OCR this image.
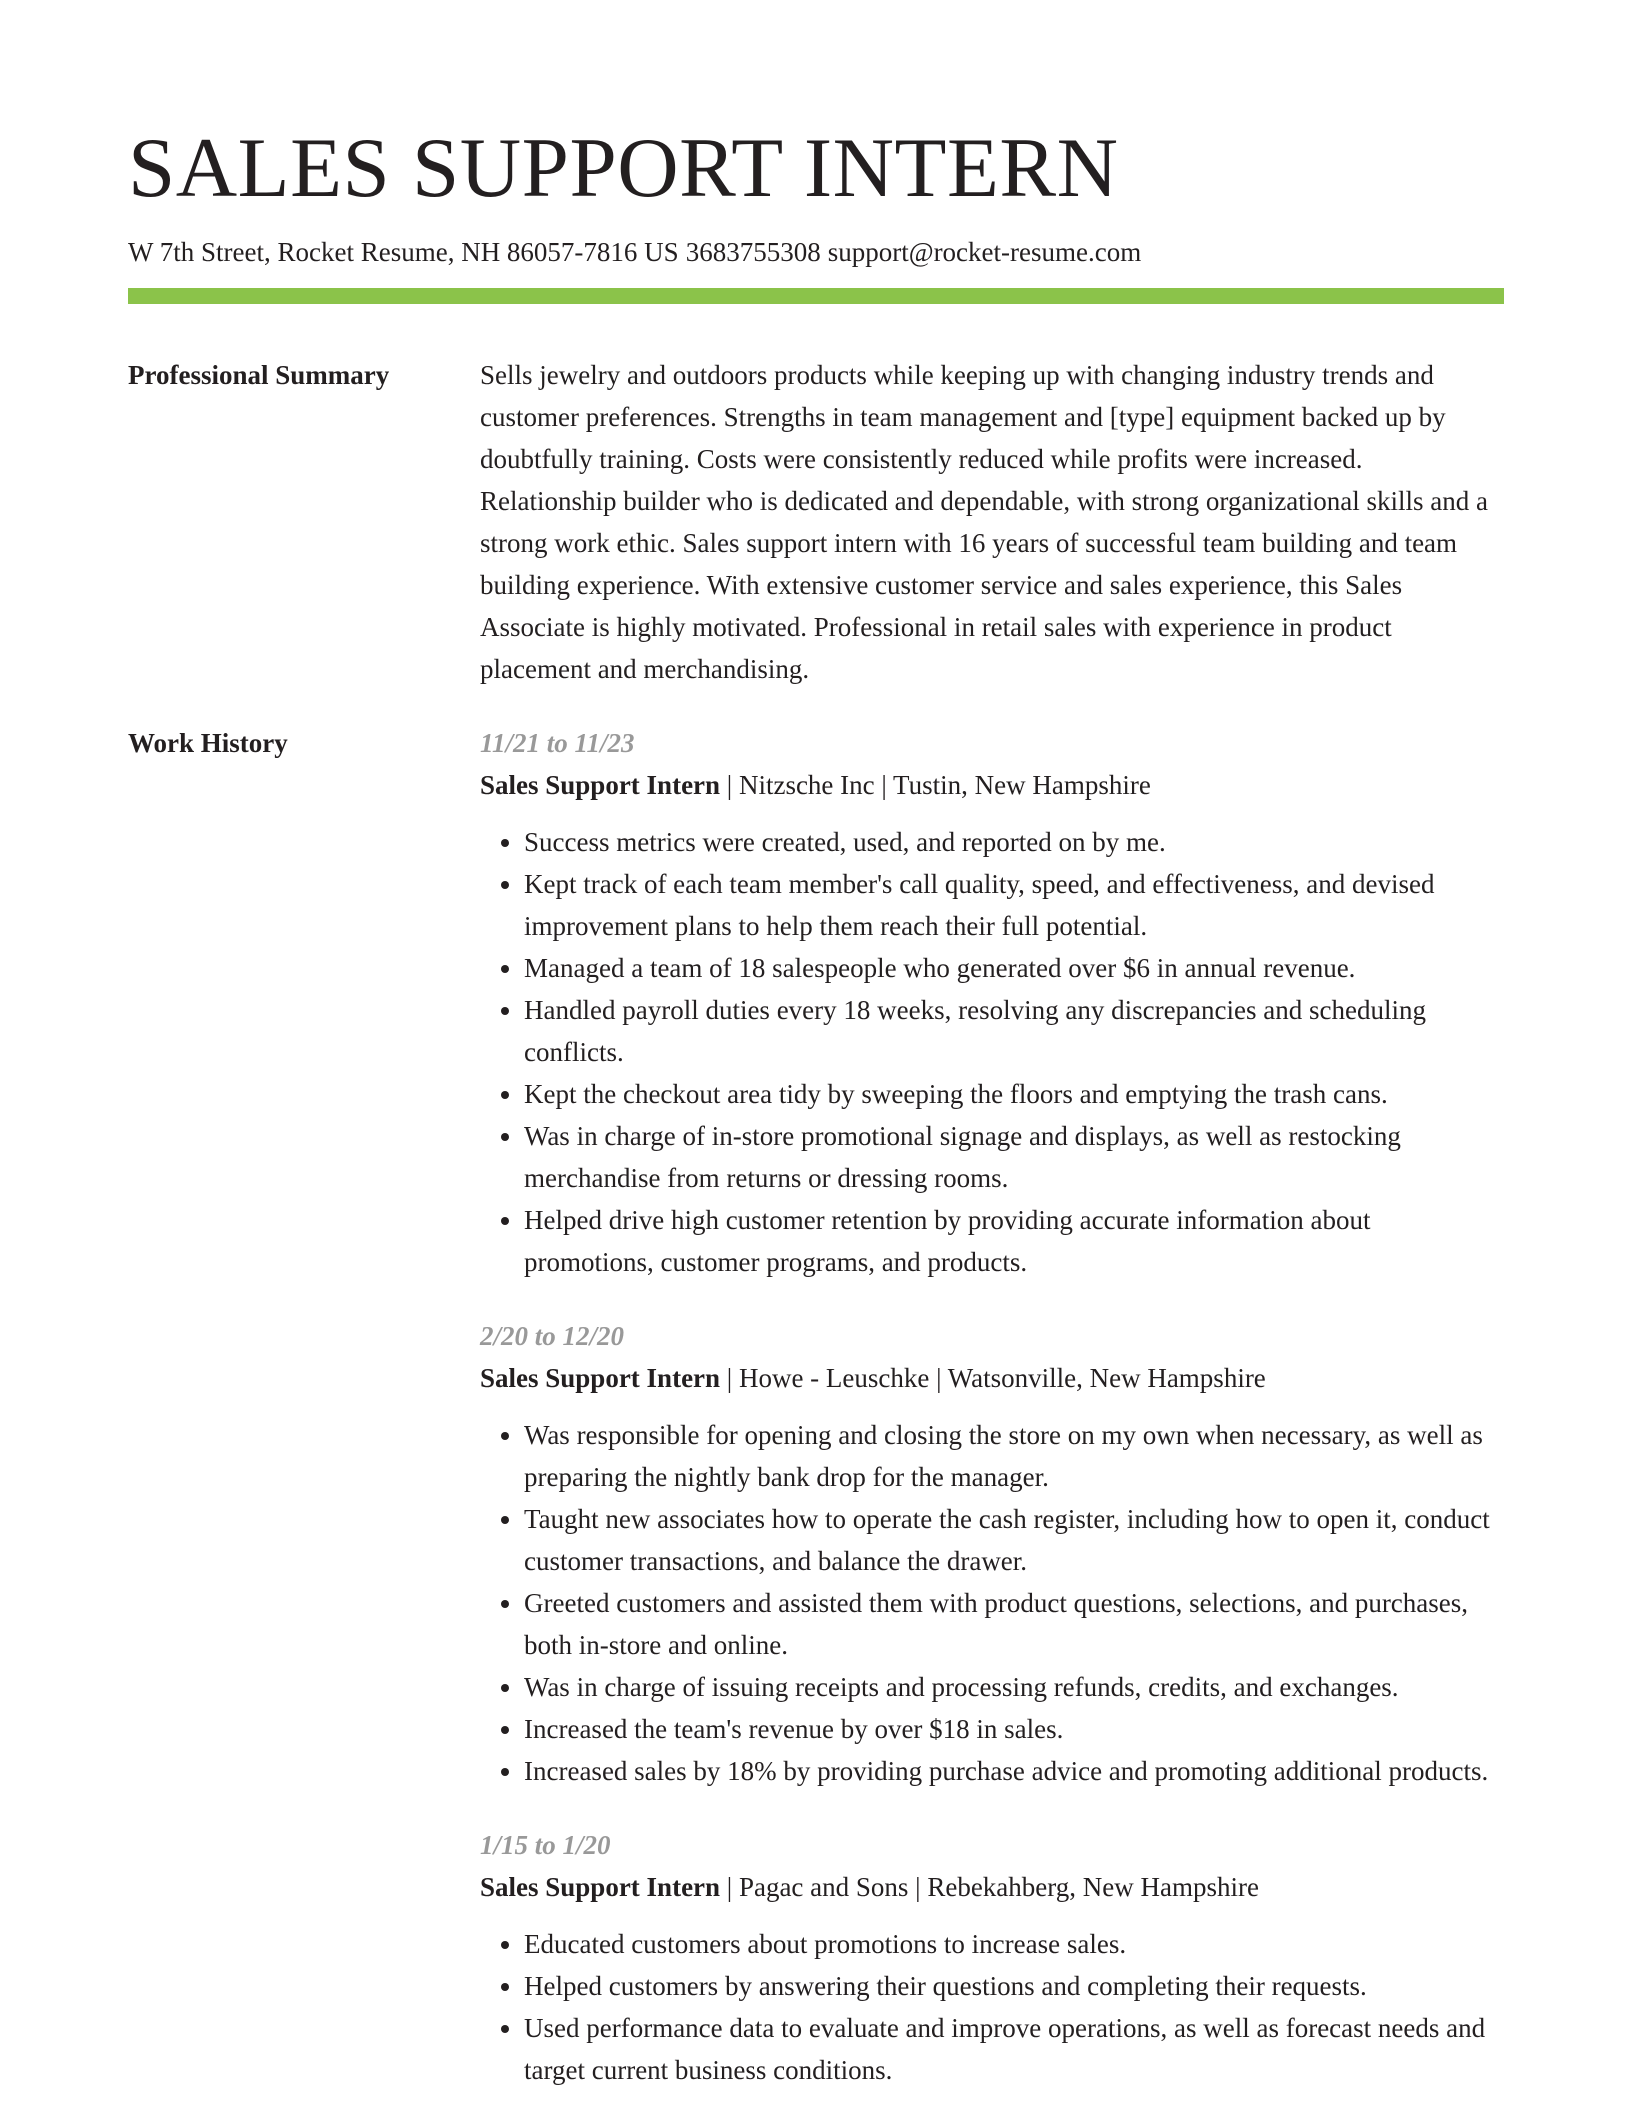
SALES SUPPORT INTERN
W 7th Street, Rocket Resume, NH 86057-7816 US 3683755308 support@rocket-resume.com
Professional Summary	Sells jewelry and outdoors products while keeping up with changing industry trends and customer preferences. Strengths in team management and [type] equipment backed up by doubtfully training. Costs were consistently reduced while profits were increased. Relationship builder who is dedicated and dependable, with strong organizational skills and a strong work ethic. Sales support intern with 16 years of successful team building and team building experience. With extensive customer service and sales experience, this Sales Associate is highly motivated. Professional in retail sales with experience in product placement and merchandising.

Work History	11/21 to 11/23
Sales Support Intern | Nitzsche Inc | Tustin, New Hampshire
• Success metrics were created, used, and reported on by me.
• Kept track of each team member's call quality, speed, and effectiveness, and devised improvement plans to help them reach their full potential.
• Managed a team of 18 salespeople who generated over $6 in annual revenue.
• Handled payroll duties every 18 weeks, resolving any discrepancies and scheduling conflicts.
• Kept the checkout area tidy by sweeping the floors and emptying the trash cans.
• Was in charge of in-store promotional signage and displays, as well as restocking merchandise from returns or dressing rooms.
• Helped drive high customer retention by providing accurate information about promotions, customer programs, and products.
2/20 to 12/20
Sales Support Intern | Howe - Leuschke | Watsonville, New Hampshire
• Was responsible for opening and closing the store on my own when necessary, as well as preparing the nightly bank drop for the manager.
• Taught new associates how to operate the cash register, including how to open it, conduct customer transactions, and balance the drawer.
• Greeted customers and assisted them with product questions, selections, and purchases, both in-store and online.
• Was in charge of issuing receipts and processing refunds, credits, and exchanges.
• Increased the team's revenue by over $18 in sales.
• Increased sales by 18% by providing purchase advice and promoting additional products.
1/15 to 1/20
Sales Support Intern | Pagac and Sons | Rebekahberg, New Hampshire
• Educated customers about promotions to increase sales.
• Helped customers by answering their questions and completing their requests.
• Used performance data to evaluate and improve operations, as well as forecast needs and target current business conditions.
